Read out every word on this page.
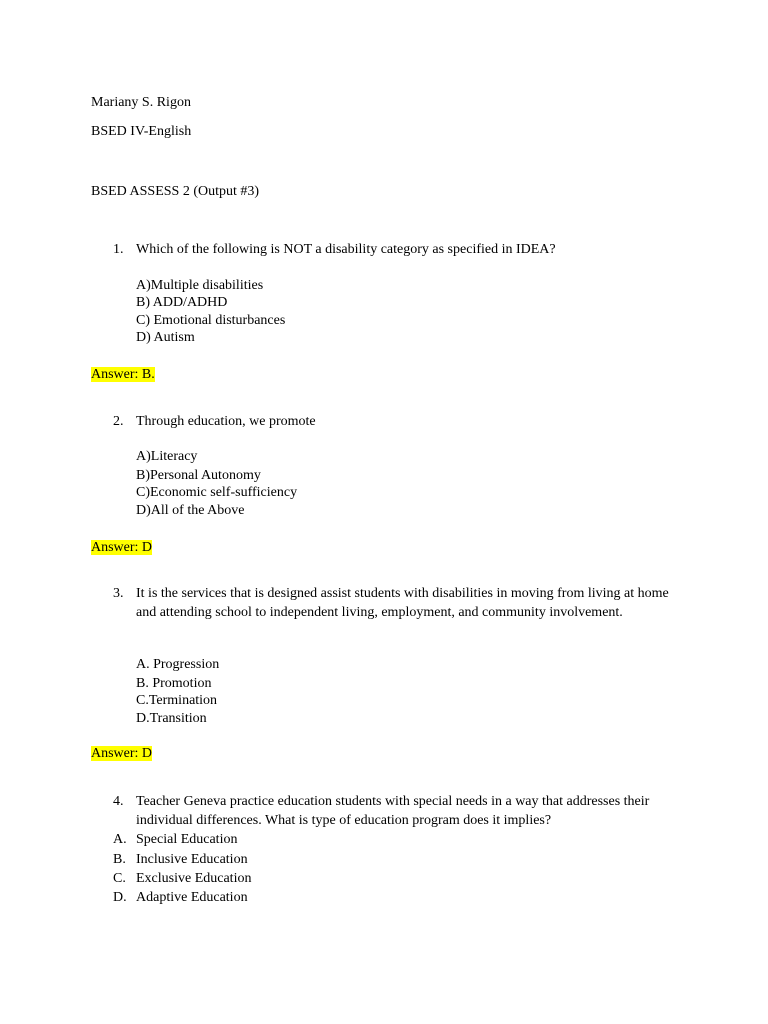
Mariany S. Rigon
BSED IV-English
BSED ASSESS 2 (Output #3)
1. Which of the following is NOT a disability category as specified in IDEA?
A)Multiple disabilities
B) ADD/ADHD
C) Emotional disturbances
D) Autism
Answer: B.
2. Through education, we promote
A)Literacy
B)Personal Autonomy
C)Economic self-sufficiency
D)All of the Above
Answer: D
3. It is the services that is designed assist students with disabilities in moving from living at home and attending school to independent living, employment, and community involvement.
A. Progression
B. Promotion
C.Termination
D.Transition
Answer: D
4. Teacher Geneva practice education students with special needs in a way that addresses their individual differences. What is type of education program does it implies?
A. Special Education
B. Inclusive Education
C. Exclusive Education
D. Adaptive Education
